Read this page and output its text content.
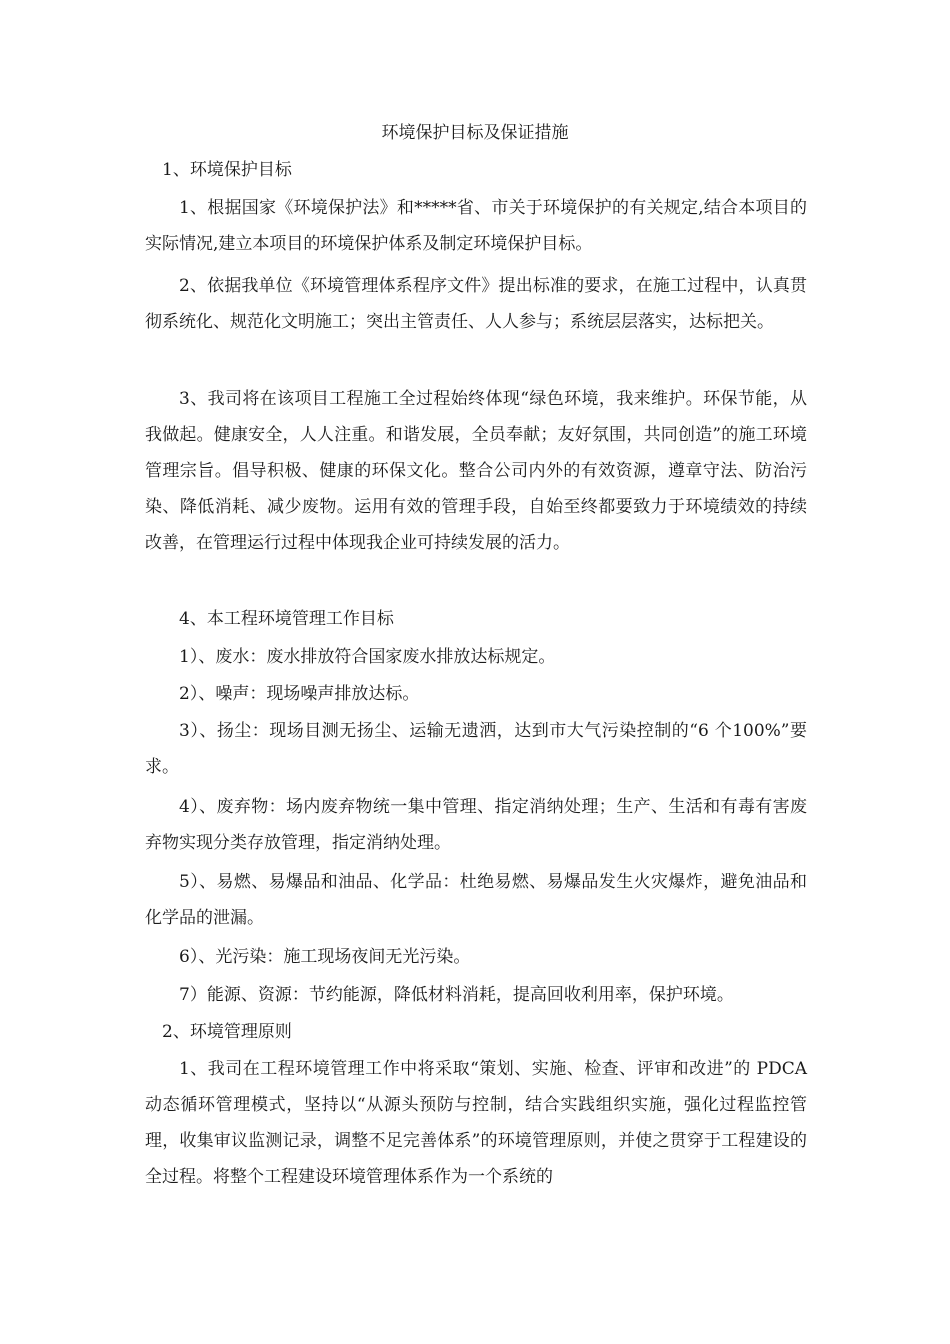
环境保护目标及保证措施
1、环境保护目标
1、根据国家《环境保护法》和*****省、市关于环境保护的有关规定,结合本项目的实际情况,建立本项目的环境保护体系及制定环境保护目标。
2、依据我单位《环境管理体系程序文件》提出标准的要求，在施工过程中，认真贯彻系统化、规范化文明施工；突出主管责任、人人参与；系统层层落实，达标把关。
3、我司将在该项目工程施工全过程始终体现“绿色环境，我来维护。环保节能，从我做起。健康安全，人人注重。和谐发展，全员奉献；友好氛围，共同创造”的施工环境管理宗旨。倡导积极、健康的环保文化。整合公司内外的有效资源，遵章守法、防治污染、降低消耗、减少废物。运用有效的管理手段，自始至终都要致力于环境绩效的持续改善，在管理运行过程中体现我企业可持续发展的活力。
4、本工程环境管理工作目标
1）、废水：废水排放符合国家废水排放达标规定。
2）、噪声：现场噪声排放达标。
3）、扬尘：现场目测无扬尘、运输无遗洒，达到市大气污染控制的“6 个100%”要求。
4）、废弃物：场内废弃物统一集中管理、指定消纳处理；生产、生活和有毒有害废弃物实现分类存放管理，指定消纳处理。
5）、易燃、易爆品和油品、化学品：杜绝易燃、易爆品发生火灾爆炸，避免油品和化学品的泄漏。
6）、光污染：施工现场夜间无光污染。
7）能源、资源：节约能源，降低材料消耗，提高回收利用率，保护环境。
2、环境管理原则
1、我司在工程环境管理工作中将采取“策划、实施、检查、评审和改进”的 PDCA 动态循环管理模式，坚持以“从源头预防与控制，结合实践组织实施，强化过程监控管理，收集审议监测记录，调整不足完善体系”的环境管理原则，并使之贯穿于工程建设的全过程。将整个工程建设环境管理体系作为一个系统的
